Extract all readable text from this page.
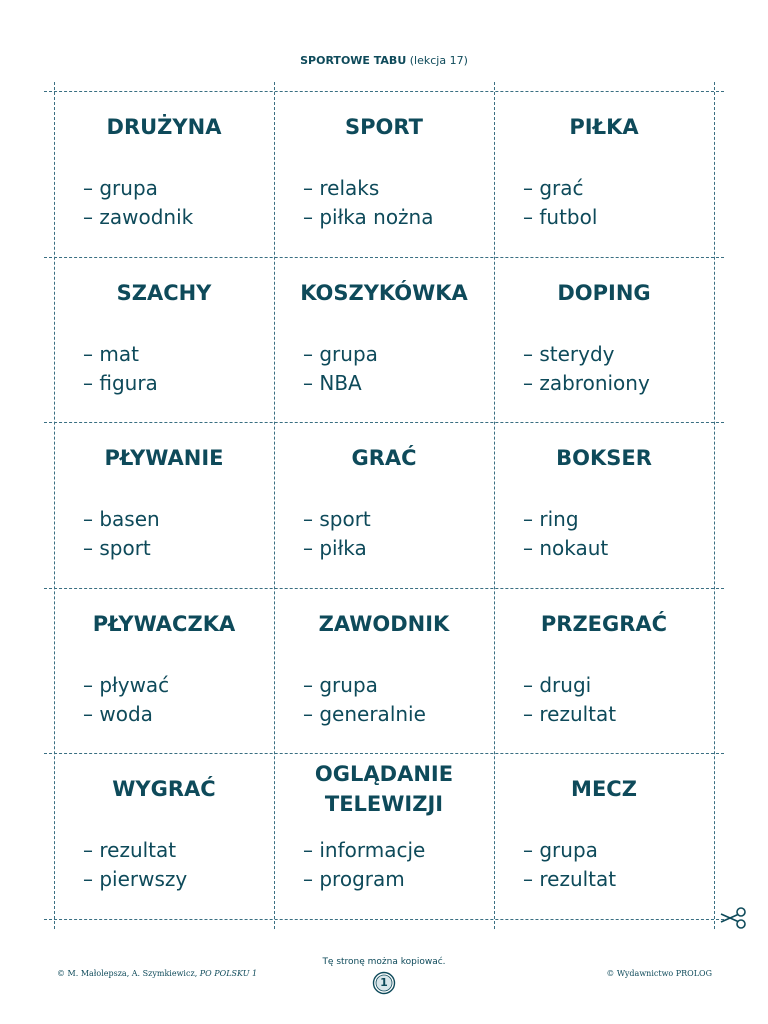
SPORTOWE TABU (lekcja 17)
DRUŻYNA
– grupa
– zawodnik
SPORT
– relaks
– piłka nożna
PIŁKA
– grać
– futbol
SZACHY
– mat
– figura
KOSZYKÓWKA
– grupa
– NBA
DOPING
– sterydy
– zabroniony
PŁYWANIE
– basen
– sport
GRAĆ
– sport
– piłka
BOKSER
– ring
– nokaut
PŁYWACZKA
– pływać
– woda
ZAWODNIK
– grupa
– generalnie
PRZEGRAĆ
– drugi
– rezultat
WYGRAĆ
– rezultat
– pierwszy
OGLĄDANIE TELEWIZJI
– informacje
– program
MECZ
– grupa
– rezultat
Tę stronę można kopiować.
© M. Małolepsza, A. Szymkiewicz, PO POLSKU 1
1
© Wydawnictwo PROLOG
